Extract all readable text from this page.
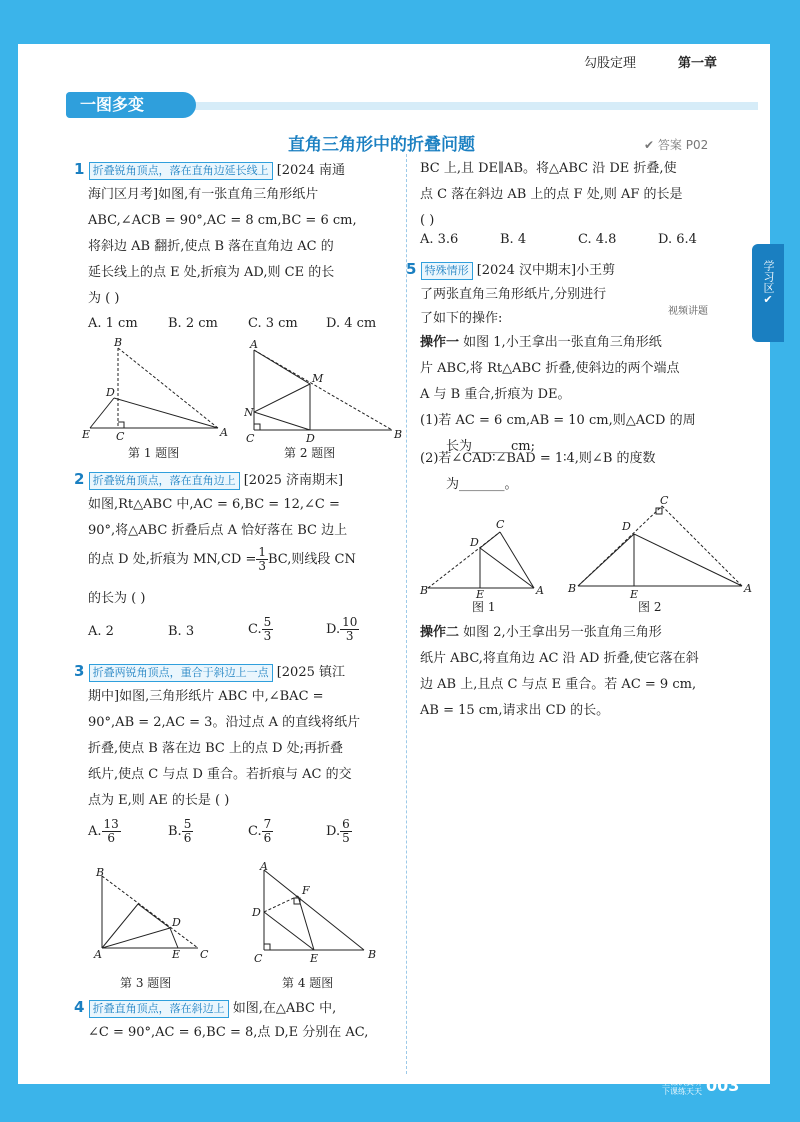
勾股定理	第一章
一图多变
直角三角形中的折叠问题	✔ 答案 P02
1 折叠锐角顶点，落在直角边延长线上 [2024 南通
海门区月考]如图,有一张直角三角形纸片
ABC,∠ACB = 90°,AC = 8 cm,BC = 6 cm,
将斜边 AB 翻折,使点 B 落在直角边 AC 的
延长线上的点 E 处,折痕为 AD,则 CE 的长
为 ( )
A. 1 cm B. 2 cm C. 3 cm D. 4 cm
B
D
E C	A
第 1 题图
A
M
N
C	D	B
第 2 题图
2 折叠锐角顶点，落在直角边上 [2025 济南期末]
如图,Rt△ABC 中,AC = 6,BC = 12,∠C =
90°,将△ABC 折叠后点 A 恰好落在 BC 边上
的点 D 处,折痕为 $MN,CD = \frac{1}{3}$ BC,则线段 CN
的长为 ( )
A. 2	B. 3	C. $\frac{5}{3}$	D. $\frac{10}{3}$
3 折叠两锐角顶点，重合于斜边上一点 [2025 镇江
期中]如图,三角形纸片 ABC 中,∠BAC =
90°,AB = 2,AC = 3。沿过点 A 的直线将纸片
折叠,使点 B 落在边 BC 上的点 D 处;再折叠
纸片,使点 C 与点 D 重合。若折痕与 AC 的交
点为 E,则 AE 的长是 ( )
A. $\frac{13}{6}$	B. $\frac{5}{6}$	C. $\frac{7}{6}$	D. $\frac{6}{5}$
B
D
A	E C
第 3 题图
A
F
D
C	E	B
第 4 题图
4 折叠直角顶点，落在斜边上 如图,在△ABC 中,
∠C = 90°,AC = 6,BC = 8,点 D,E 分别在 AC,
BC 上,且 DE∥AB。将△ABC 沿 DE 折叠,使
点 C 落在斜边 AB 上的点 F 处,则 AF 的长是
( )
A. 3.6	B. 4	C. 4.8	D. 6.4
5 特殊情形 [2024 汉中期末]小王剪
了两张直角三角形纸片,分别进行
了如下的操作:	视频讲题
操作一 如图 1,小王拿出一张直角三角形纸
片 ABC,将 Rt△ABC 折叠,使斜边的两个端点
A 与 B 重合,折痕为 DE。
(1)若 AC = 6 cm,AB = 10 cm,则△ACD 的周
长为______cm;
(2)若∠CAD∶∠BAD = 1∶4,则∠B 的度数
为_______。
C
D
B	E	A
图 1
C
D
B	E	A
图 2
操作二 如图 2,小王拿出另一张直角三角形
纸片 ABC,将直角边 AC 沿 AD 折叠,使它落在斜
边 AB 上,且点 C 与点 E 重合。若 AC = 9 cm,
AB = 15 cm,请求出 CD 的长。
学习区
✔
上课认真听
下课练天天 003
